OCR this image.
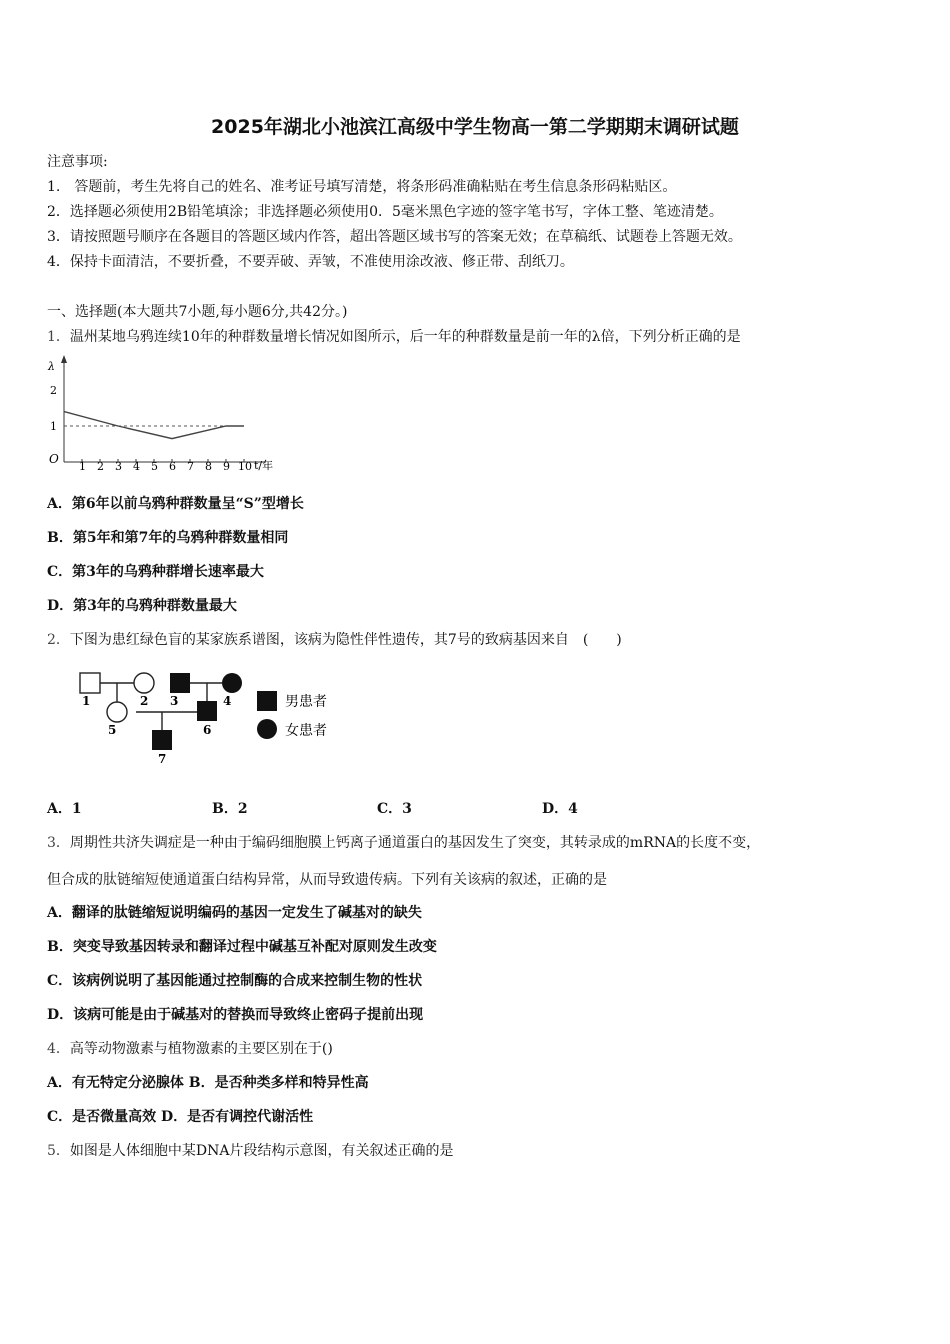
2025年湖北小池滨江高级中学生物高一第二学期期末调研试题
注意事项:
1.　答题前，考生先将自己的姓名、准考证号填写清楚，将条形码准确粘贴在考生信息条形码粘贴区。
2．选择题必须使用2B铅笔填涂；非选择题必须使用0．5毫米黑色字迹的签字笔书写，字体工整、笔迹清楚。
3．请按照题号顺序在各题目的答题区域内作答，超出答题区域书写的答案无效；在草稿纸、试题卷上答题无效。
4．保持卡面清洁，不要折叠，不要弄破、弄皱，不准使用涂改液、修正带、刮纸刀。
一、选择题(本大题共7小题,每小题6分,共42分。)
1．温州某地乌鸦连续10年的种群数量增长情况如图所示，后一年的种群数量是前一年的λ倍，下列分析正确的是
λ
O	t/年
1
2
1 2 3 4 5 6 7 8 9 10
A．第6年以前乌鸦种群数量呈“S”型增长
B．第5年和第7年的乌鸦种群数量相同
C．第3年的乌鸦种群增长速率最大
D．第3年的乌鸦种群数量最大
2．下图为患红绿色盲的某家族系谱图，该病为隐性伴性遗传，其7号的致病基因来自　(　　)
1	2 3	4
5	6
7
男患者
女患者
A．1	B．2	C．3	D．4
3．周期性共济失调症是一种由于编码细胞膜上钙离子通道蛋白的基因发生了突变，其转录成的mRNA的长度不变，
但合成的肽链缩短使通道蛋白结构异常，从而导致遗传病。下列有关该病的叙述，正确的是
A．翻译的肽链缩短说明编码的基因一定发生了碱基对的缺失
B．突变导致基因转录和翻译过程中碱基互补配对原则发生改变
C．该病例说明了基因能通过控制酶的合成来控制生物的性状
D．该病可能是由于碱基对的替换而导致终止密码子提前出现
4．高等动物激素与植物激素的主要区别在于()
A．有无特定分泌腺体 B．是否种类多样和特异性高
C．是否微量高效 D．是否有调控代谢活性
5．如图是人体细胞中某DNA片段结构示意图，有关叙述正确的是
